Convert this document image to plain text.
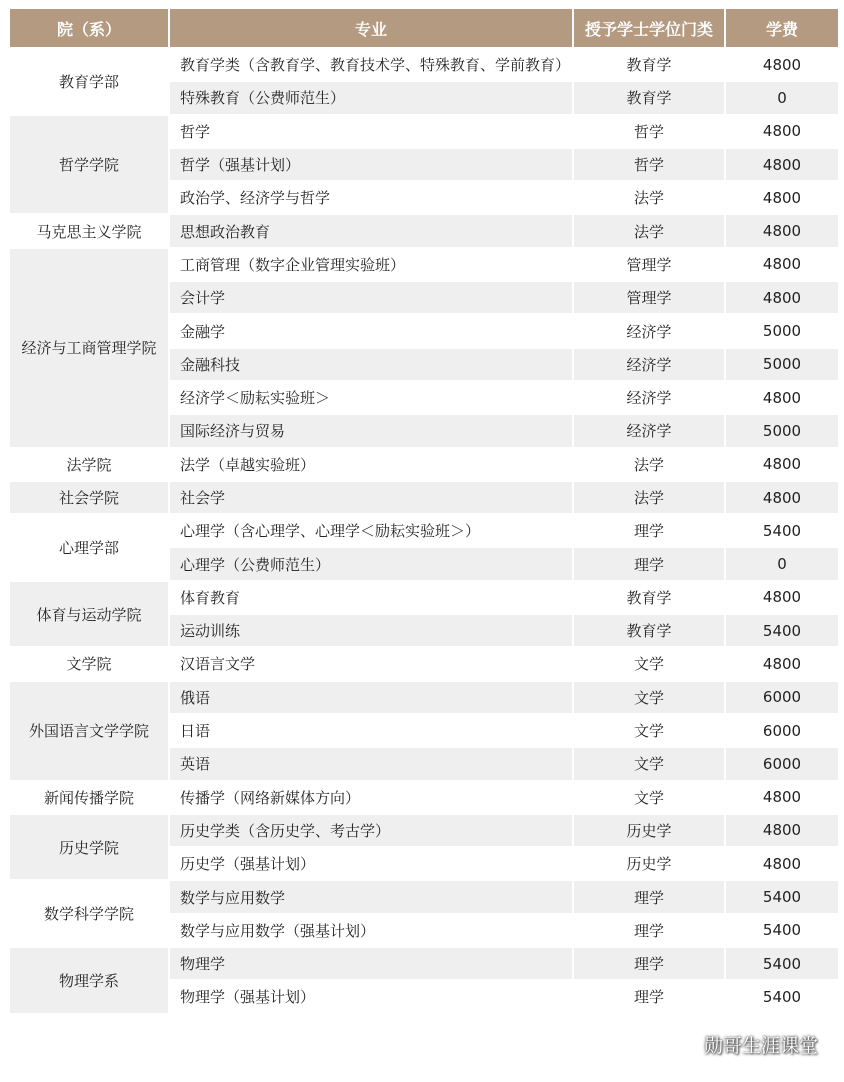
院（系）	专业	授予学士学位门类	学费
教育学部	教育学类（含教育学、教育技术学、特殊教育、学前教育）	教育学	4800
	特殊教育（公费师范生）	教育学	0
哲学学院	哲学	哲学	4800
	哲学（强基计划）	哲学	4800
	政治学、经济学与哲学	法学	4800
马克思主义学院	思想政治教育	法学	4800
经济与工商管理学院	工商管理（数字企业管理实验班）	管理学	4800
	会计学	管理学	4800
	金融学	经济学	5000
	金融科技	经济学	5000
	经济学＜励耘实验班＞	经济学	4800
	国际经济与贸易	经济学	5000
法学院	法学（卓越实验班）	法学	4800
社会学院	社会学	法学	4800
心理学部	心理学（含心理学、心理学＜励耘实验班＞）	理学	5400
	心理学（公费师范生）	理学	0
体育与运动学院	体育教育	教育学	4800
	运动训练	教育学	5400
文学院	汉语言文学	文学	4800
外国语言文学学院	俄语	文学	6000
	日语	文学	6000
	英语	文学	6000
新闻传播学院	传播学（网络新媒体方向）	文学	4800
历史学院	历史学类（含历史学、考古学）	历史学	4800
	历史学（强基计划）	历史学	4800
数学科学学院	数学与应用数学	理学	5400
	数学与应用数学（强基计划）	理学	5400
物理学系	物理学	理学	5400
	物理学（强基计划）	理学	5400
勋哥生涯课堂
